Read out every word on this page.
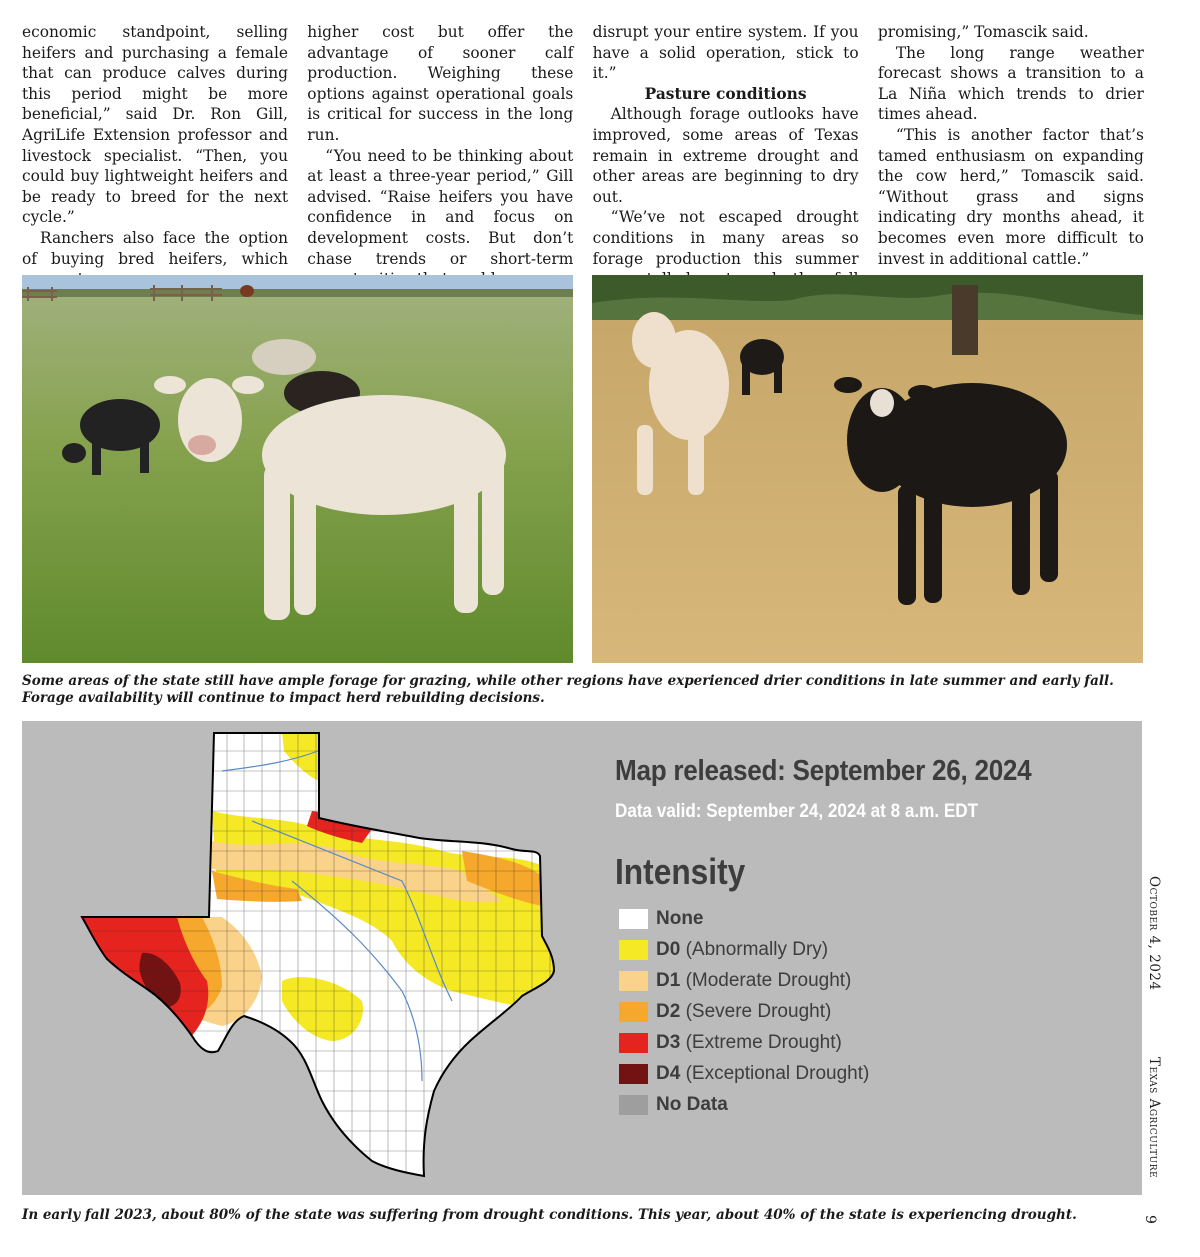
economic standpoint, selling heifers and purchasing a female that can produce calves during this period might be more beneficial,” said Dr. Ron Gill, AgriLife Extension professor and livestock specialist. “Then, you could buy lightweight heifers and be ready to breed for the next cycle.”

Ranchers also face the option of buying bred heifers, which

higher cost but offer the advantage of sooner calf production. Weighing these options against operational goals is critical for success in the long run.

“You need to be thinking about at least a three-year period,” Gill advised. “Raise heifers you have confidence in and focus on development costs. But don’t chase trends or short-term

disrupt your entire system. If you have a solid operation, stick to it.”

Pasture conditions

Although forage outlooks have improved, some areas of Texas remain in extreme drought and other areas are beginning to dry out.

“We’ve not escaped drought conditions in many areas so forage production this summer

promising,” Tomascik said.

The long range weather forecast shows a transition to a La Niña which trends to drier times ahead.

“This is another factor that’s tamed enthusiasm on expanding the cow herd,” Tomascik said. “Without grass and signs indicating dry months ahead, it becomes even more difficult to invest in additional cattle.”

Some areas of the state still have ample forage for grazing, while other regions have experienced drier conditions in late summer and early fall. Forage availability will continue to impact herd rebuilding decisions.

Map released: September 26, 2024
Data valid: September 24, 2024 at 8 a.m. EDT
Intensity
None
D0
(Abnormally Dry)
D1
(Moderate Drought)
D2
(Severe Drought)
D3
(Extreme Drought)
D4
(Exceptional Drought)
No Data

In early fall 2023, about 80% of the state was suffering from drought conditions. This year, about 40% of the state is experiencing drought.

October 4, 2024
Texas Agriculture
9
